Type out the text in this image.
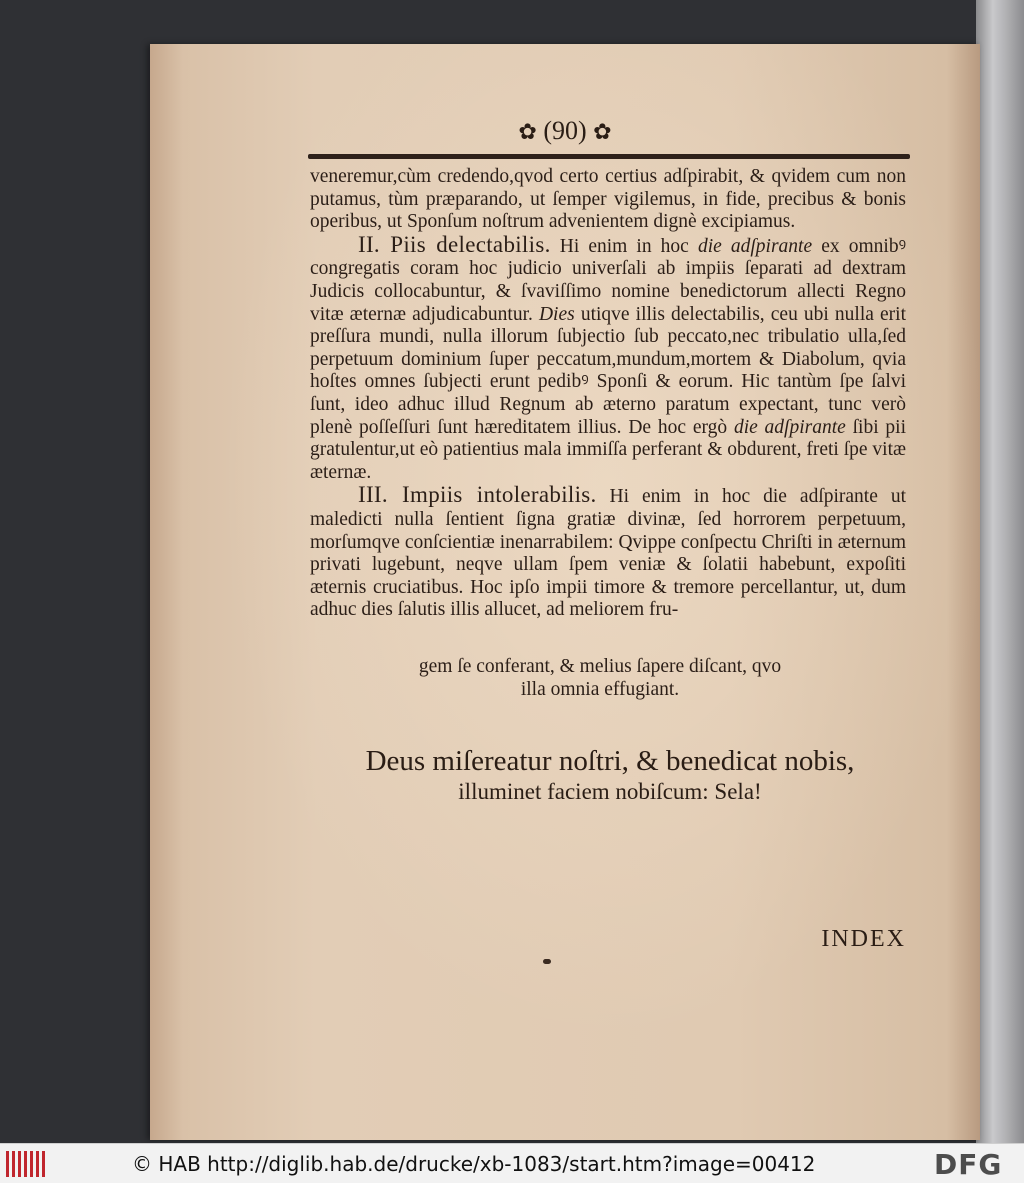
✿ (90) ✿

veneremur,cùm credendo,qvod certo certius adſpirabit, & qvidem cum non putamus, tùm præparando, ut ſemper vigilemus, in fide, precibus & bonis operibus, ut Sponſum noſtrum advenientem dignè excipiamus.

II. Piis delectabilis. Hi enim in hoc die adſpirante ex omnibꝰ congregatis coram hoc judicio univerſali ab impiis ſeparati ad dextram Judicis collocabuntur, & ſvaviſſimo nomine benedictorum allecti Regno vitæ æternæ adjudicabuntur. Dies utiqve illis delectabilis, ceu ubi nulla erit preſſura mundi, nulla illorum ſubjectio ſub peccato,nec tribulatio ulla,ſed perpetuum dominium ſuper peccatum,mundum,mortem & Diabolum, qvia hoſtes omnes ſubjecti erunt pedibꝰ Sponſi & eorum. Hic tantùm ſpe ſalvi ſunt, ideo adhuc illud Regnum ab æterno paratum expectant, tunc verò plenè poſſeſſuri ſunt hæreditatem illius. De hoc ergò die adſpirante ſibi pii gratulentur,ut eò patientius mala immiſſa perferant & obdurent, freti ſpe vitæ æternæ.

III. Impiis intolerabilis. Hi enim in hoc die adſpirante ut maledicti nulla ſentient ſigna gratiæ divinæ, ſed horrorem perpetuum, morſumqve conſcientiæ inenarrabilem: Qvippe conſpectu Chriſti in æternum privati lugebunt, neqve ullam ſpem veniæ & ſolatii habebunt, expoſiti æternis cruciatibus. Hoc ipſo impii timore & tremore percellantur, ut, dum adhuc dies ſalutis illis allucet, ad meliorem fru-

gem ſe conferant, & melius ſapere diſcant, qvo
illa omnia effugiant.
Deus miſereatur noſtri, & benedicat nobis,
illuminet faciem nobiſcum: Sela!
INDEX
© HAB http://diglib.hab.de/drucke/xb-1083/start.htm?image=00412	DFG
